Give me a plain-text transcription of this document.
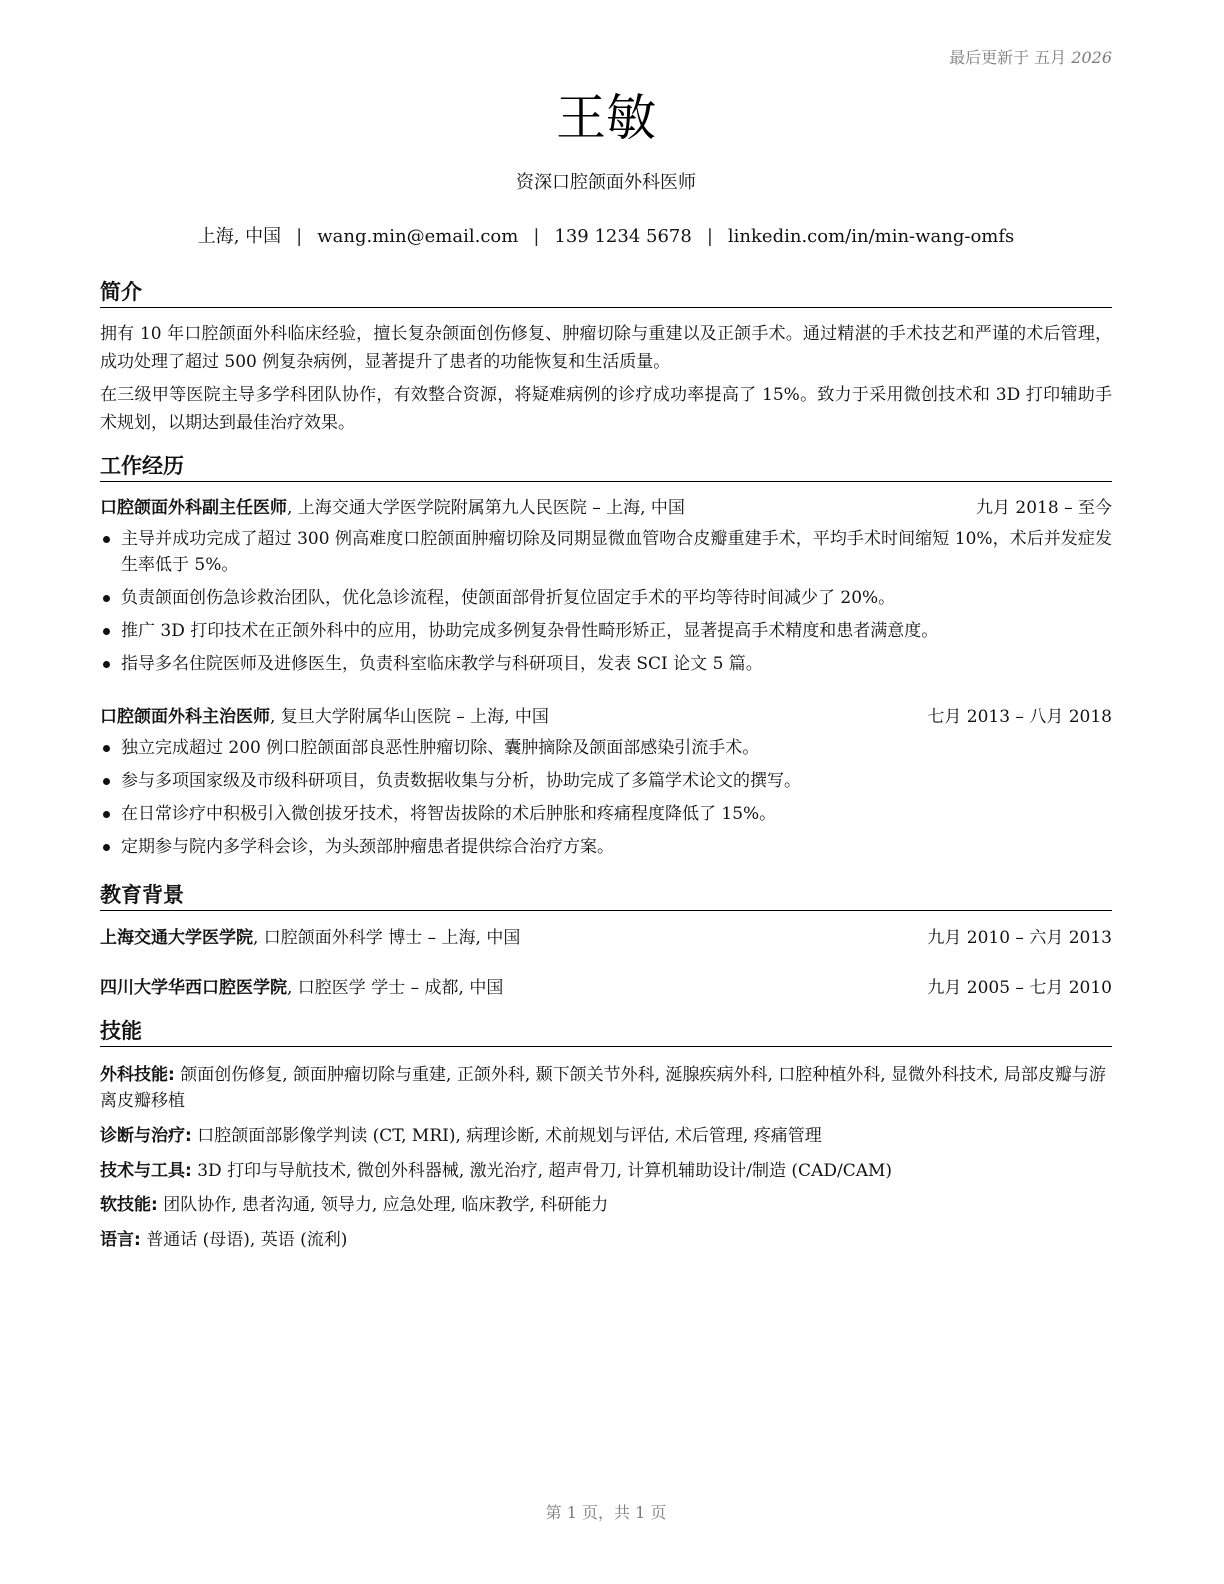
最后更新于 五月 2026
王敏
资深口腔颌面外科医师
上海, 中国 | wang.min@email.com | 139 1234 5678 | linkedin.com/in/min-wang-omfs
简介
拥有 10 年口腔颌面外科临床经验，擅长复杂颌面创伤修复、肿瘤切除与重建以及正颌手术。通过精湛的手术技艺和严谨的术后管理，成功处理了超过 500 例复杂病例，显著提升了患者的功能恢复和生活质量。
在三级甲等医院主导多学科团队协作，有效整合资源，将疑难病例的诊疗成功率提高了 15%。致力于采用微创技术和 3D 打印辅助手术规划，以期达到最佳治疗效果。
工作经历
口腔颌面外科副主任医师, 上海交通大学医学院附属第九人民医院 – 上海, 中国	九月 2018 – 至今
主导并成功完成了超过 300 例高难度口腔颌面肿瘤切除及同期显微血管吻合皮瓣重建手术，平均手术时间缩短 10%，术后并发症发生率低于 5%。
负责颌面创伤急诊救治团队，优化急诊流程，使颌面部骨折复位固定手术的平均等待时间减少了 20%。
推广 3D 打印技术在正颌外科中的应用，协助完成多例复杂骨性畸形矫正，显著提高手术精度和患者满意度。
指导多名住院医师及进修医生，负责科室临床教学与科研项目，发表 SCI 论文 5 篇。
口腔颌面外科主治医师, 复旦大学附属华山医院 – 上海, 中国	七月 2013 – 八月 2018
独立完成超过 200 例口腔颌面部良恶性肿瘤切除、囊肿摘除及颌面部感染引流手术。
参与多项国家级及市级科研项目，负责数据收集与分析，协助完成了多篇学术论文的撰写。
在日常诊疗中积极引入微创拔牙技术，将智齿拔除的术后肿胀和疼痛程度降低了 15%。
定期参与院内多学科会诊，为头颈部肿瘤患者提供综合治疗方案。
教育背景
上海交通大学医学院, 口腔颌面外科学 博士 – 上海, 中国	九月 2010 – 六月 2013
四川大学华西口腔医学院, 口腔医学 学士 – 成都, 中国	九月 2005 – 七月 2010
技能
外科技能: 颌面创伤修复, 颌面肿瘤切除与重建, 正颌外科, 颞下颌关节外科, 涎腺疾病外科, 口腔种植外科, 显微外科技术, 局部皮瓣与游离皮瓣移植
诊断与治疗: 口腔颌面部影像学判读 (CT, MRI), 病理诊断, 术前规划与评估, 术后管理, 疼痛管理
技术与工具: 3D 打印与导航技术, 微创外科器械, 激光治疗, 超声骨刀, 计算机辅助设计/制造 (CAD/CAM)
软技能: 团队协作, 患者沟通, 领导力, 应急处理, 临床教学, 科研能力
语言: 普通话 (母语), 英语 (流利)
第 1 页，共 1 页
